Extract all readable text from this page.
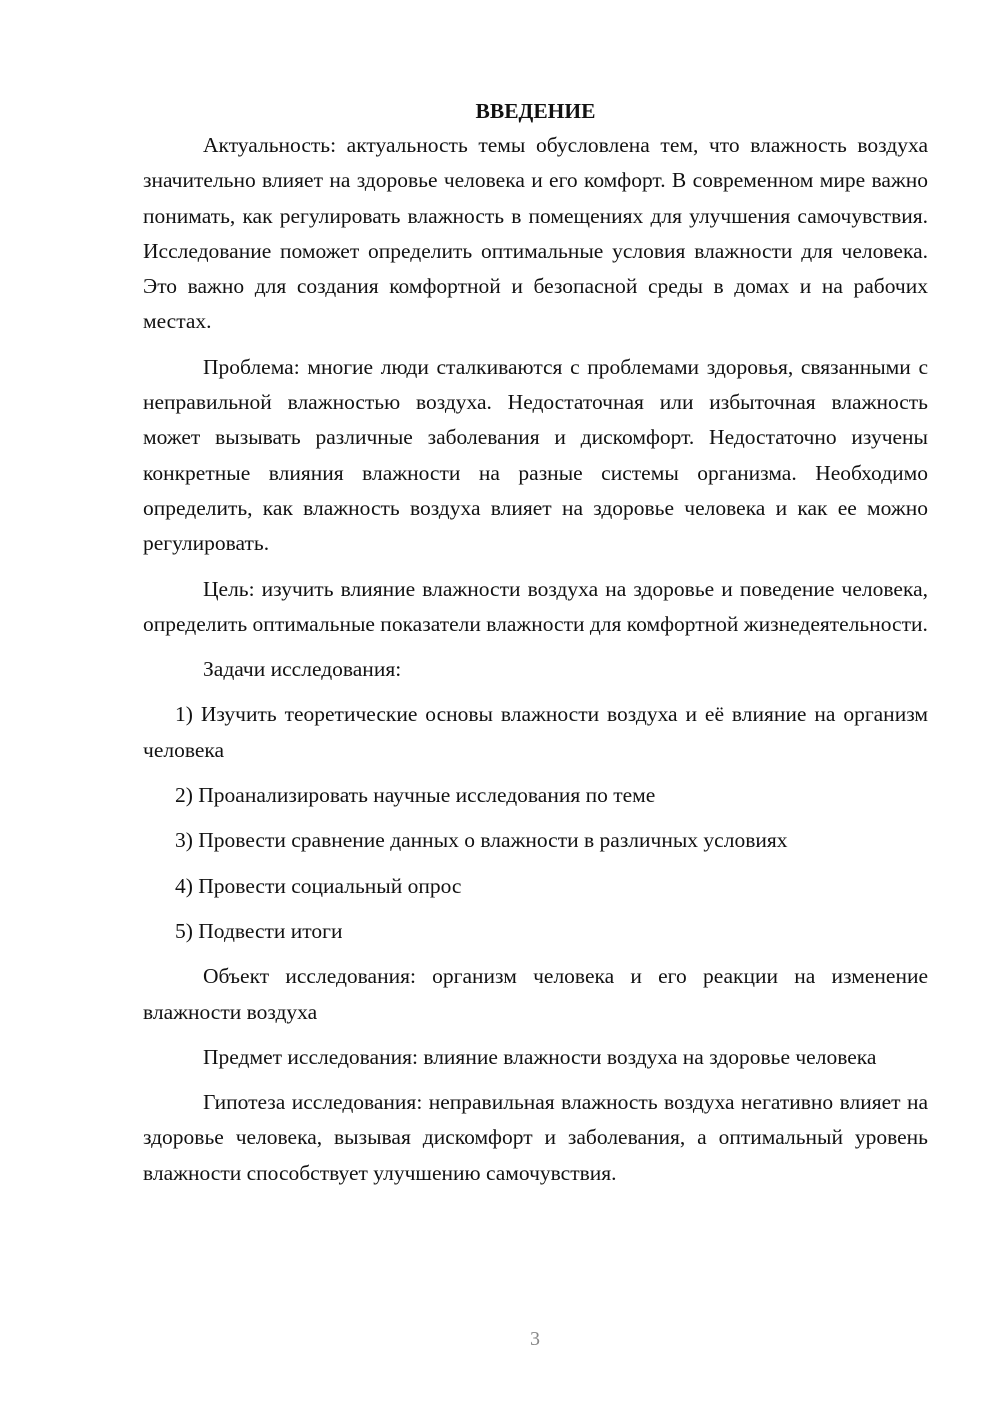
ВВЕДЕНИЕ

Актуальность: актуальность темы обусловлена тем, что влажность воздуха значительно влияет на здоровье человека и его комфорт. В современном мире важно понимать, как регулировать влажность в помещениях для улучшения самочувствия. Исследование поможет определить оптимальные условия влажности для человека. Это важно для создания комфортной и безопасной среды в домах и на рабочих местах.

Проблема: многие люди сталкиваются с проблемами здоровья, связанными с неправильной влажностью воздуха. Недостаточная или избыточная влажность может вызывать различные заболевания и дискомфорт. Недостаточно изучены конкретные влияния влажности на разные системы организма. Необходимо определить, как влажность воздуха влияет на здоровье человека и как ее можно регулировать.

Цель: изучить влияние влажности воздуха на здоровье и поведение человека, определить оптимальные показатели влажности для комфортной жизнедеятельности.

Задачи исследования:

1) Изучить теоретические основы влажности воздуха и её влияние на организм человека

2) Проанализировать научные исследования по теме

3) Провести сравнение данных о влажности в различных условиях

4) Провести социальный опрос

5) Подвести итоги

Объект исследования: организм человека и его реакции на изменение влажности воздуха

Предмет исследования: влияние влажности воздуха на здоровье человека

Гипотеза исследования: неправильная влажность воздуха негативно влияет на здоровье человека, вызывая дискомфорт и заболевания, а оптимальный уровень влажности способствует улучшению самочувствия.

3
